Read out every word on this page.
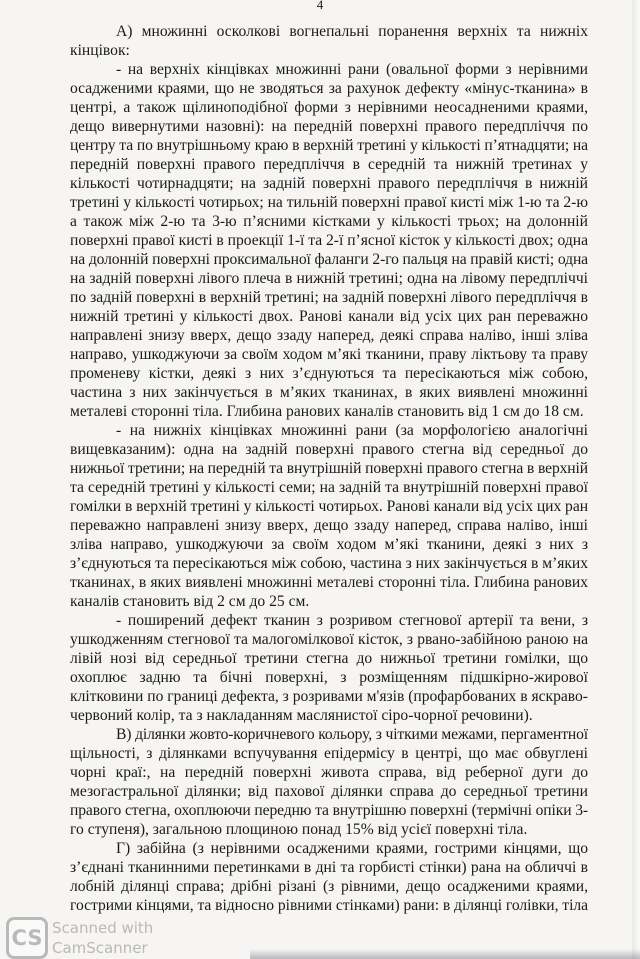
4
А) множинні осколкові вогнепальні поранення верхніх та нижніх
кінцівок:
- на верхніх кінцівках множинні рани (овальної форми з нерівними
осадженими краями, що не зводяться за рахунок дефекту «мінус-тканина» в
центрі, а також щілиноподібної форми з нерівними неосадненими краями,
дещо вивернутими назовні): на передній поверхні правого передпліччя по
центру та по внутрішньому краю в верхній третині у кількості п’ятнадцяти; на
передній поверхні правого передпліччя в середній та нижній третинах у
кількості чотирнадцяти; на задній поверхні правого передпліччя в нижній
третині у кількості чотирьох; на тильній поверхні правої кисті між 1-ю та 2-ю
а також між 2-ю та 3-ю п’ясними кістками у кількості трьох; на долонній
поверхні правої кисті в проекції 1-ї та 2-ї п’ясної кісток у кількості двох; одна
на долонній поверхні проксимальної фаланги 2-го пальця на правій кисті; одна
на задній поверхні лівого плеча в нижній третині; одна на лівому передпліччі
по задній поверхні в верхній третині; на задній поверхні лівого передпліччя в
нижній третині у кількості двох. Ранові канали від усіх цих ран переважно
направлені знизу вверх, дещо ззаду наперед, деякі справа наліво, інші зліва
направо, ушкоджуючи за своїм ходом м’які тканини, праву ліктьову та праву
променеву кістки, деякі з них з’єднуються та пересікаються між собою,
частина з них закінчується в м’яких тканинах, в яких виявлені множинні
металеві сторонні тіла. Глибина ранових каналів становить від 1 см до 18 см.
- на нижніх кінцівках множинні рани (за морфологією аналогічні
вищевказаним): одна на задній поверхні правого стегна від середньої до
нижньої третини; на передній та внутрішній поверхні правого стегна в верхній
та середній третині у кількості семи; на задній та внутрішній поверхні правої
гомілки в верхній третині у кількості чотирьох. Ранові канали від усіх цих ран
переважно направлені знизу вверх, дещо ззаду наперед, справа наліво, інші
зліва направо, ушкоджуючи за своїм ходом м’які тканини, деякі з них з
з’єднуються та пересікаються між собою, частина з них закінчується в м’яких
тканинах, в яких виявлені множинні металеві сторонні тіла. Глибина ранових
каналів становить від 2 см до 25 см.
- поширений дефект тканин з розривом стегнової артерії та вени, з
ушкодженням стегнової та малогомілкової кісток, з рвано-забійною раною на
лівій нозі від середньої третини стегна до нижньої третини гомілки, що
охоплює задню та бічні поверхні, з розміщенням підшкірно-жирової
клітковини по границі дефекта, з розривами м'язів (профарбованих в яскраво-
червоний колір, та з накладанням маслянистої сіро-чорної речовини).
В) ділянки жовто-коричневого кольору, з чіткими межами, пергаментної
щільності, з ділянками вспучування епідермісу в центрі, що має обвуглені
чорні краї:, на передній поверхні живота справа, від реберної дуги до
мезогастральної ділянки; від пахової ділянки справа до середньої третини
правого стегна, охоплюючи передню та внутрішню поверхні (термічні опіки 3-
го ступеня), загальною площиною понад 15% від усієї поверхні тіла.
Г) забійна (з нерівними осадженими краями, гострими кінцями, що
з’єднані тканинними перетинками в дні та горбисті стінки) рана на обличчі в
лобній ділянці справа; дрібні різані (з рівними, дещо осадженими краями,
гострими кінцями, та відносно рівними стінками) рани: в ділянці голівки, тіла
CS Scanned with
CamScanner
